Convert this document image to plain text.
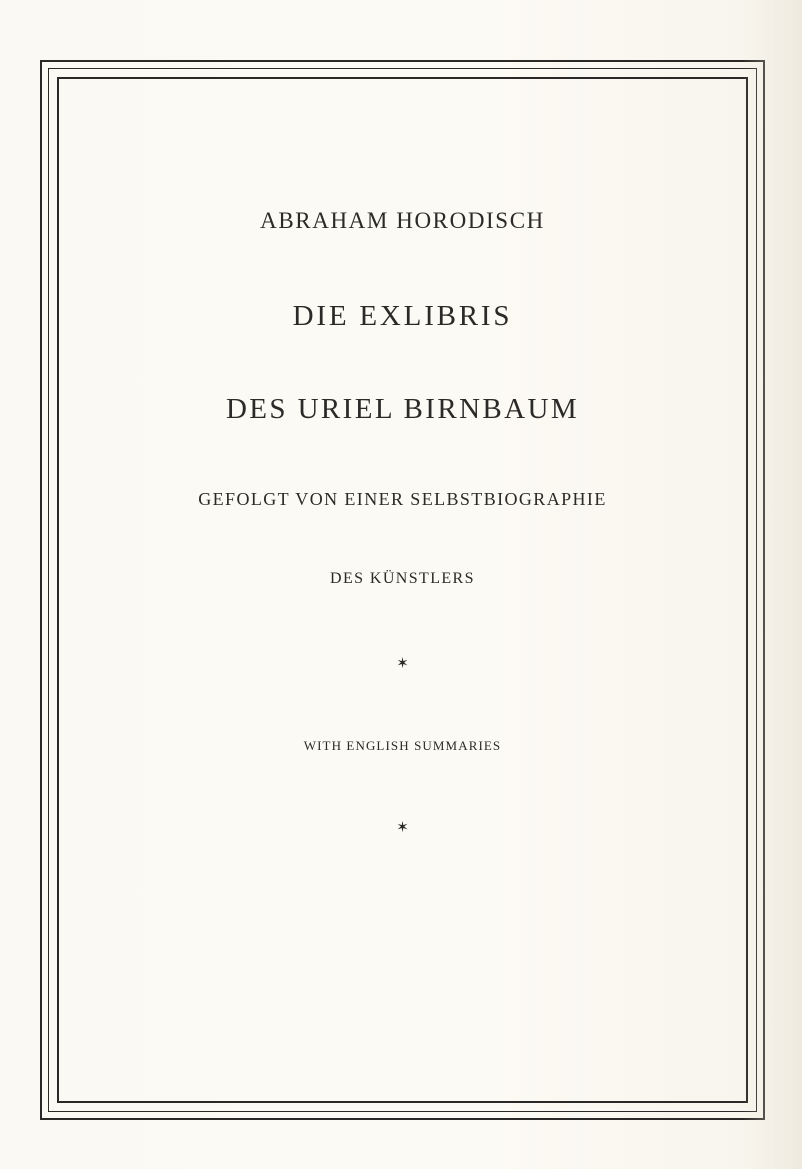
ABRAHAM HORODISCH
DIE EXLIBRIS
DES URIEL BIRNBAUM
GEFOLGT VON EINER SELBSTBIOGRAPHIE
DES KÜNSTLERS
✶
WITH ENGLISH SUMMARIES
✶
